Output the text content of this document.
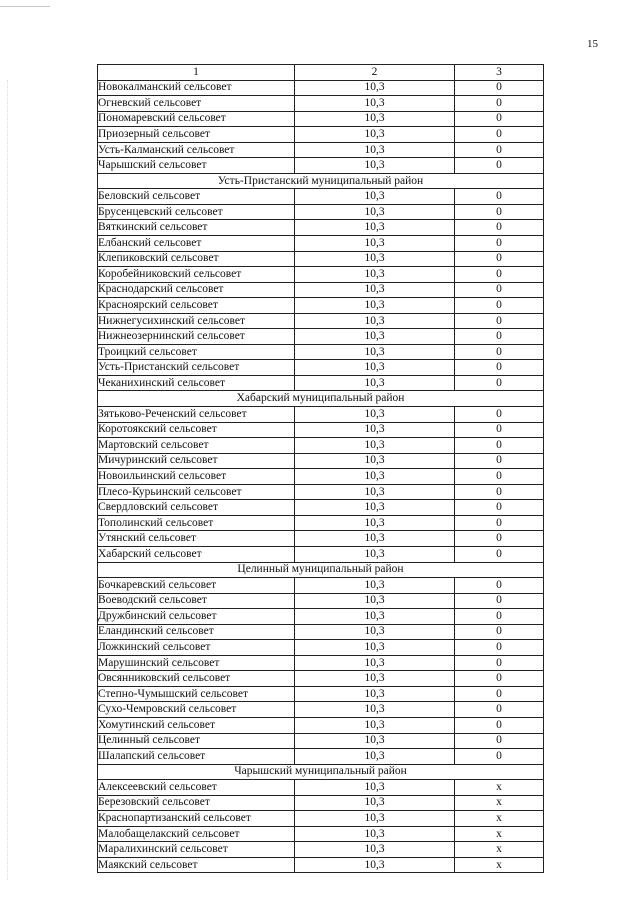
15
1	2	3
Новокалманский сельсовет	10,3	0
Огневский сельсовет	10,3	0
Пономаревский сельсовет	10,3	0
Приозерный сельсовет	10,3	0
Усть-Калманский сельсовет	10,3	0
Чарышский сельсовет	10,3	0
Усть-Пристанский муниципальный район		
Беловский сельсовет	10,3	0
Брусенцевский сельсовет	10,3	0
Вяткинский сельсовет	10,3	0
Елбанский сельсовет	10,3	0
Клепиковский сельсовет	10,3	0
Коробейниковский сельсовет	10,3	0
Краснодарский сельсовет	10,3	0
Красноярский сельсовет	10,3	0
Нижнегусихинский сельсовет	10,3	0
Нижнеозернинский сельсовет	10,3	0
Троицкий сельсовет	10,3	0
Усть-Пристанский сельсовет	10,3	0
Чеканихинский сельсовет	10,3	0
Хабарский муниципальный район		
Зятьково-Реченский сельсовет	10,3	0
Коротоякский сельсовет	10,3	0
Мартовский сельсовет	10,3	0
Мичуринский сельсовет	10,3	0
Новоильинский сельсовет	10,3	0
Плесо-Курьинский сельсовет	10,3	0
Свердловский сельсовет	10,3	0
Тополинский сельсовет	10,3	0
Утянский сельсовет	10,3	0
Хабарский сельсовет	10,3	0
Целинный муниципальный район		
Бочкаревский сельсовет	10,3	0
Воеводский сельсовет	10,3	0
Дружбинский сельсовет	10,3	0
Еландинский сельсовет	10,3	0
Ложкинский сельсовет	10,3	0
Марушинский сельсовет	10,3	0
Овсянниковский сельсовет	10,3	0
Степно-Чумышский сельсовет	10,3	0
Сухо-Чемровский сельсовет	10,3	0
Хомутинский сельсовет	10,3	0
Целинный сельсовет	10,3	0
Шалапский сельсовет	10,3	0
Чарышский муниципальный район		
Алексеевский сельсовет	10,3	x
Березовский сельсовет	10,3	x
Краснопартизанский сельсовет	10,3	x
Малобащелакский сельсовет	10,3	x
Маралихинский сельсовет	10,3	x
Маякский сельсовет	10,3	x
